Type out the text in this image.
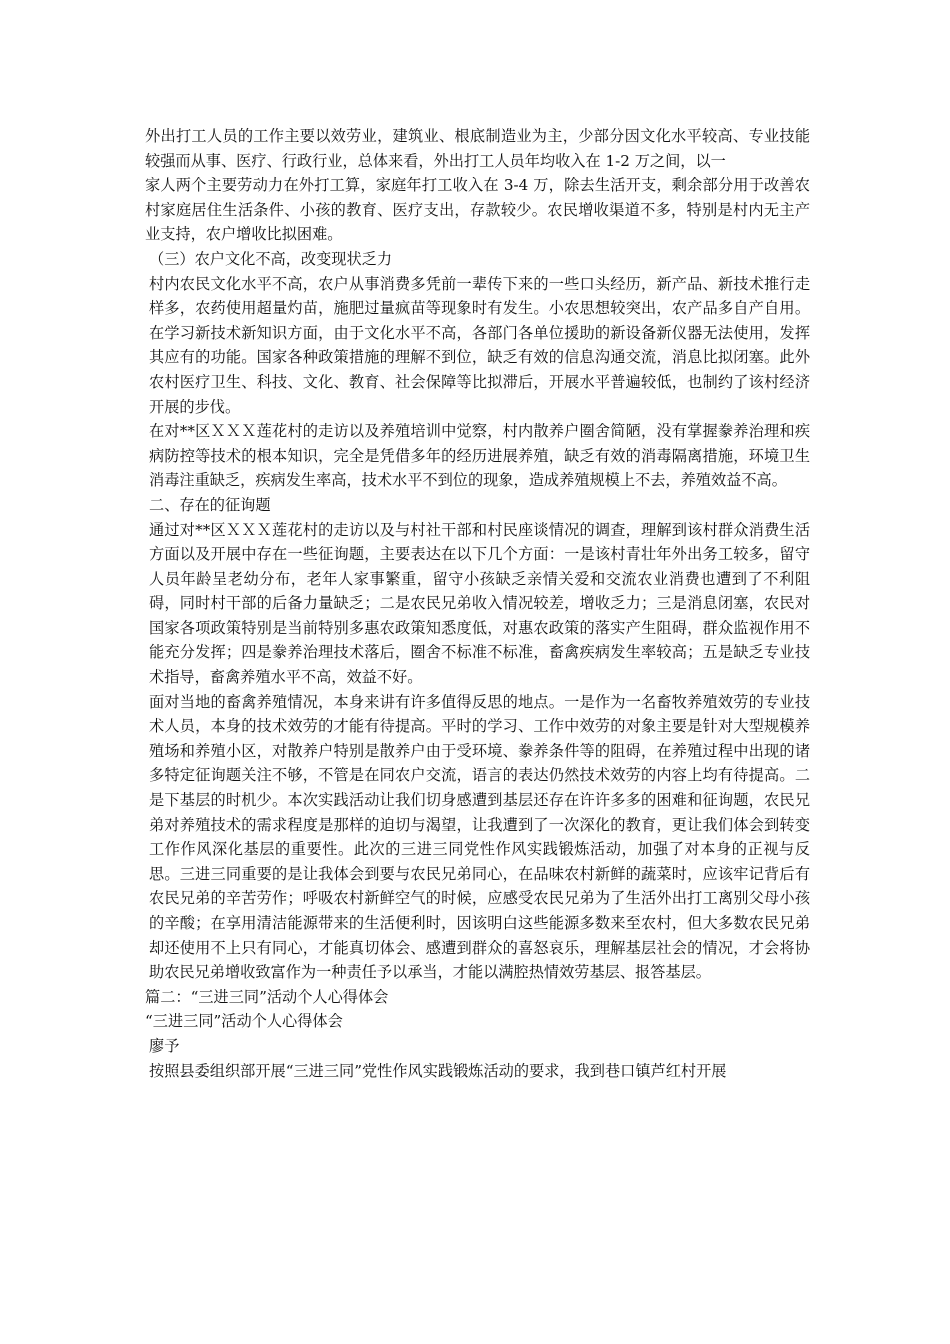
外出打工人员的工作主要以效劳业，建筑业、根底制造业为主，少部分因文化水平较高、专业技能较强而从事、医疗、行政行业，总体来看，外出打工人员年均收入在 1-2 万之间，以一

家人两个主要劳动力在外打工算，家庭年打工收入在 3-4 万，除去生活开支，剩余部分用于改善农村家庭居住生活条件、小孩的教育、医疗支出，存款较少。农民增收渠道不多，特别是村内无主产业支持，农户增收比拟困难。

（三）农户文化不高，改变现状乏力

村内农民文化水平不高，农户从事消费多凭前一辈传下来的一些口头经历，新产品、新技术推行走样多，农药使用超量灼苗，施肥过量疯苗等现象时有发生。小农思想较突出，农产品多自产自用。在学习新技术新知识方面，由于文化水平不高，各部门各单位援助的新设备新仪器无法使用，发挥其应有的功能。国家各种政策措施的理解不到位，缺乏有效的信息沟通交流，消息比拟闭塞。此外农村医疗卫生、科技、文化、教育、社会保障等比拟滞后，开展水平普遍较低，也制约了该村经济开展的步伐。

在对**区ＸＸＸ莲花村的走访以及养殖培训中觉察，村内散养户圈舍简陋，没有掌握豢养治理和疾病防控等技术的根本知识，完全是凭借多年的经历进展养殖，缺乏有效的消毒隔离措施，环境卫生消毒注重缺乏，疾病发生率高，技术水平不到位的现象，造成养殖规模上不去，养殖效益不高。

二、存在的征询题

通过对**区ＸＸＸ莲花村的走访以及与村社干部和村民座谈情况的调查，理解到该村群众消费生活方面以及开展中存在一些征询题，主要表达在以下几个方面：一是该村青壮年外出务工较多，留守人员年龄呈老幼分布，老年人家事繁重，留守小孩缺乏亲情关爱和交流农业消费也遭到了不利阻碍，同时村干部的后备力量缺乏；二是农民兄弟收入情况较差，增收乏力；三是消息闭塞，农民对国家各项政策特别是当前特别多惠农政策知悉度低，对惠农政策的落实产生阻碍，群众监视作用不能充分发挥；四是豢养治理技术落后，圈舍不标准不标准，畜禽疾病发生率较高；五是缺乏专业技术指导，畜禽养殖水平不高，效益不好。

面对当地的畜禽养殖情况，本身来讲有许多值得反思的地点。一是作为一名畜牧养殖效劳的专业技术人员，本身的技术效劳的才能有待提高。平时的学习、工作中效劳的对象主要是针对大型规模养殖场和养殖小区，对散养户特别是散养户由于受环境、豢养条件等的阻碍，在养殖过程中出现的诸多特定征询题关注不够，不管是在同农户交流，语言的表达仍然技术效劳的内容上均有待提高。二是下基层的时机少。本次实践活动让我们切身感遭到基层还存在许许多多的困难和征询题，农民兄弟对养殖技术的需求程度是那样的迫切与渴望，让我遭到了一次深化的教育，更让我们体会到转变工作作风深化基层的重要性。此次的三进三同党性作风实践锻炼活动，加强了对本身的正视与反思。三进三同重要的是让我体会到要与农民兄弟同心，在品味农村新鲜的蔬菜时，应该牢记背后有农民兄弟的辛苦劳作；呼吸农村新鲜空气的时候，应感受农民兄弟为了生活外出打工离别父母小孩的辛酸；在享用清洁能源带来的生活便利时，因该明白这些能源多数来至农村，但大多数农民兄弟却还使用不上只有同心，才能真切体会、感遭到群众的喜怒哀乐，理解基层社会的情况，才会将协助农民兄弟增收致富作为一种责任予以承当，才能以满腔热情效劳基层、报答基层。

篇二：“三进三同”活动个人心得体会

“三进三同”活动个人心得体会

廖予

按照县委组织部开展“三进三同”党性作风实践锻炼活动的要求，我到巷口镇芦红村开展
